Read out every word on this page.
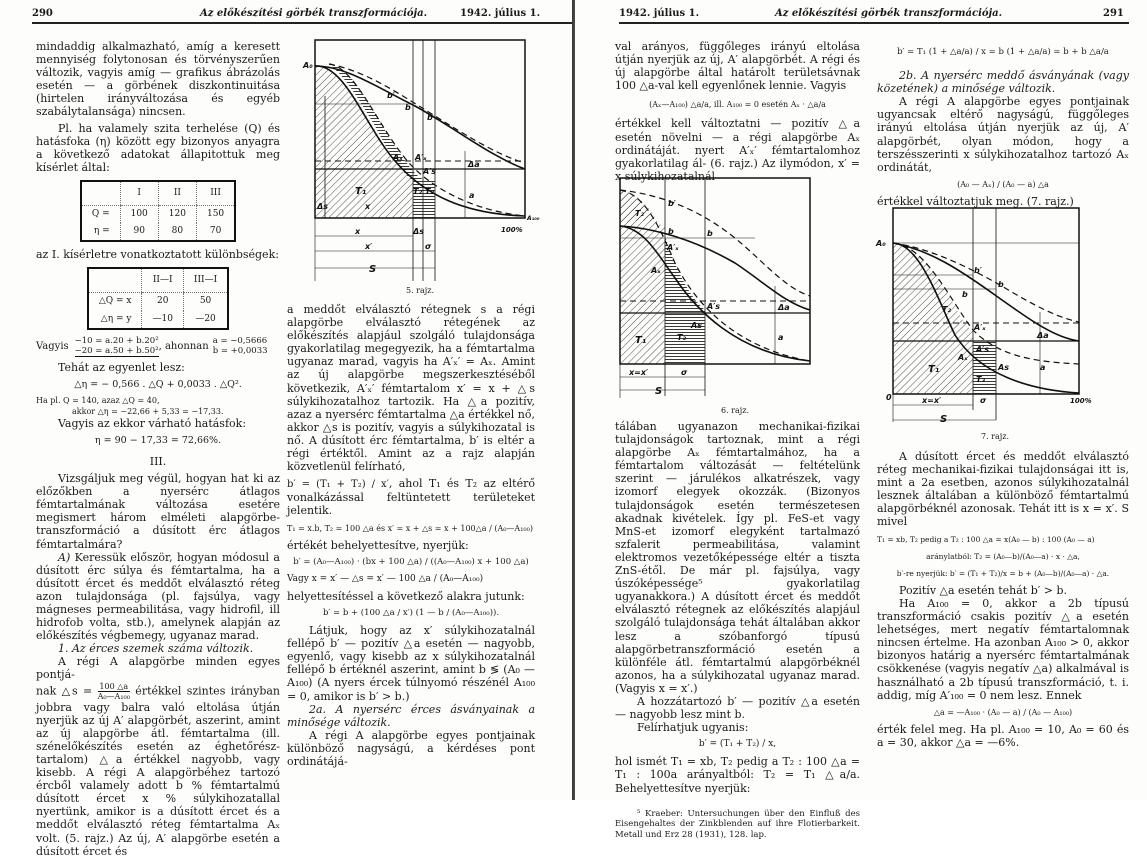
290	Az előkészítési görbék transzformációja.	1942. július 1.

mindaddig alkalmazható, amíg a keresett mennyiség folytonosan és törvényszerűen változik, vagyis amíg — grafikus ábrázolás esetén — a görbének diszkontinuitása (hirtelen irányváltozása és egyéb szabálytalansága) nincsen.

Pl. ha valamely szita terhelése (Q) és hatásfoka (η) között egy bizonyos anyagra a következő adatokat állapitottuk meg kísérlet által:

	I	II	III
Q =	100	120	150
η =	90	80	70

az I. kísérletre vonatkoztatott különbségek:

	II—I	III—I
△Q = x	20	50
△η = y	—10	—20
Vagyis −10 = a.20 + b.20²
−20 = a.50 + b.50² , ahonnan a = −0,5666
b = +0,0033

Tehát az egyenlet lesz:

△η = − 0,566 . △Q + 0,0033 . △Q².
Ha pl. Q = 140, azaz △Q = 40,
akkor △η = −22,66 + 5,33 = −17,33.

Vagyis az ekkor várható hatásfok:

η = 90 − 17,33 = 72,66%.
III.

Vizsgáljuk meg végül, hogyan hat ki az előzőkben a nyersérc átlagos fémtartalmának változása esetére megismert három elméleti alapgörbe-transzformáció a dúsított érc átlagos fémtartalmára?

A) Keressük először, hogyan módosul a dúsított érc súlya és fémtartalma, ha a dúsított ércet és meddőt elválasztó réteg azon tulajdonsága (pl. fajsúlya, vagy mágneses permeabilitása, vagy hidrofil, ill hidrofob volta, stb.), amelynek alapján az előkészítés végbemegy, ugyanaz marad.

1. Az érces szemek száma változik.

A régi A alapgörbe minden egyes pontjá-

nak △s = $\frac{100 \triangle a}{\text{A₀—A₁₀₀}}$ értékkel szintes irányban jobbra vagy balra való eltolása útján nyerjük az új A′ alapgörbét, aszerint, amint az új alapgörbe átl. fémtartalma (ill. szénelőkészítés esetén az éghetőrész-tartalom) △a értékkel nagyobb, vagy kisebb. A régi A alapgörbéhez tartozó ércből valamely adott b % fémtartalmú dúsított ércet x % súlykihozatallal nyertünk, amikor is a dúsított ércet és a meddőt elválasztó réteg fémtartalma Aₓ volt. (5. rajz.) Az új, A′ alapgörbe esetén a dúsított ércet és

A₀
b′
b
b
Aₓ A′ₓ
A′s
Δa
a
T₁	T₂ T₂
Δs	x
A₁₀₀
100%
x	Δs
x′	σ
S
5. rajz.

a meddőt elválasztó rétegnek s a régi alapgörbe elválasztó rétegének az előkészítés alapjául szolgáló tulajdonsága gyakorlatilag megegyezik, ha a fémtartalma ugyanaz marad, vagyis ha A′ₓ′ = Aₓ. Amint az új alapgörbe megszerkesztéséből következik, A′ₓ′ fémtartalom x′ = x + △s súlykihozatalhoz tartozik. Ha △a pozitív, azaz a nyersérc fémtartalma △a értékkel nő, akkor △s is pozitív, vagyis a súlykihozatal is nő. A dúsított érc fémtartalma, b′ is eltér a régi értéktől. Amint az a rajz alapján közvetlenül felírható,

b′ = (T₁ + T₂) / x′, ahol T₁ és T₂ az eltérő vonalkázással feltüntetett területeket jelentik.

T₁ = x.b, T₂ = 100 △a és x′ = x + △s = x + 100△a / (A₀—A₁₀₀)

értékét behelyettesítve, nyerjük:

b′ = (A₀—A₁₀₀) · (bx + 100 △a) / ((A₀—A₁₀₀) x + 100 △a)
Vagy x = x′ — △s = x′ — 100 △a / (A₀—A₁₀₀)

helyettesítéssel a következő alakra jutunk:

b′ = b + (100 △a / x′) (1 — b / (A₀—A₁₀₀)).

Látjuk, hogy az x′ súlykihozatalnál fellépő b′ — pozitív △a esetén — nagyobb, egyenlő, vagy kisebb az x súlykihozatalnál fellépő b értéknél aszerint, amint b ≶ (A₀ — A₁₀₀) (A nyers ércek túlnyomó részénél A₁₀₀ = 0, amikor is b′ > b.)

2a. A nyersérc érces ásványainak a minősége változik.

A régi A alapgörbe egyes pontjainak különböző nagyságú, a kérdéses pont ordinátájá-

1942. július 1.	Az előkészítési görbék transzformációja.	291

val arányos, függőleges irányú eltolása útján nyerjük az új, A′ alapgörbét. A régi és új alapgörbe által határolt területsávnak 100 △a-val kell egyenlőnek lennie. Vagyis

(Aₓ—A₁₀₀) △a/a, ill. A₁₀₀ = 0 esetén Aₓ · △a/a

értékkel kell változtatni — pozitív △a esetén növelni — a régi alapgörbe Aₓ ordinátáját. nyert A′ₓ′ fémtartalomhoz gyakorlatilag ál- (6. rajz.) Az ilymódon, x′ = x súlykihozatalnál

b′
b	b
T₂
A′ₓ
Aₓ
A′s
As
Δa
a
T₁	T₃
x=x′	σ
S
6. rajz.

tálában ugyanazon mechanikai-fizikai tulajdonságok tartoznak, mint a régi alapgörbe Aₓ fémtartalmához, ha a fémtartalom változását — feltételünk szerint — járulékos alkatrészek, vagy izomorf elegyek okozzák. (Bizonyos tulajdonságok esetén természetesen akadnak kivételek. Így pl. FeS-et vagy MnS-et izomorf elegyként tartalmazó szfalerit permeabilitása, valamint elektromos vezetőképessége eltér a tiszta ZnS-étől. De már pl. fajsúlya, vagy úszóképessége⁵ gyakorlatilag ugyanakkora.) A dúsított ércet és meddőt elválasztó rétegnek az előkészítés alapjául szolgáló tulajdonsága tehát általában akkor lesz a szóbanforgó típusú alapgörbetranszformáció esetén a különféle átl. fémtartalmú alapgörbéknél azonos, ha a súlykihozatal ugyanaz marad. (Vagyis x = x′.)

A hozzátartozó b′ — pozitív △a esetén — nagyobb lesz mint b.

Felírhatjuk ugyanis:

b′ = (T₁ + T₂) / x,

hol ismét T₁ = xb, T₂ pedig a T₂ : 100 △a = T₁ : 100a arányaltból: T₂ = T₁ △a/a. Behelyettesítve nyerjük:

⁵ Kraeber: Untersuchungen über den Einfluß des Eisengehaltes der Zinkblenden auf ihre Flotierbarkeit. Metall und Erz 28 (1931), 128. lap.

b′ = T₁ (1 + △a/a) / x = b (1 + △a/a) = b + b △a/a

2b. A nyersérc meddő ásványának (vagy közetének) a minősége változik.

A régi A alapgörbe egyes pontjainak ugyancsak eltérő nagyságú, függőleges irányú eltolása útján nyerjük az új, A′ alapgörbét, olyan módon, hogy a terszésszerinti x súlykihozatalhoz tartozó Aₓ ordinátát,

(A₀ — Aₓ) / (A₀ — a) △a

értékkel változtatjuk meg. (7. rajz.)

A₀
b′
b
b
T₂
A′ₓ
A′s
Aₓ
As
Δa
a
T₁
T₃
0	100%
x=x′	σ
S
7. rajz.

A dúsított ércet és meddőt elválasztó réteg mechanikai-fizikai tulajdonságai itt is, mint a 2a esetben, azonos súlykihozatalnál lesznek általában a különböző fémtartalmú alapgörbéknél azonosak. Tehát itt is x = x′. S mivel

T₁ = xb, T₂ pedig a T₂ : 100 △a = x(A₀ — b) : 100 (A₀ — a)
aránylatból: T₂ = (A₀—b)/(A₀—a) · x · △a,
b′-re nyerjük: b′ = (T₁ + T₂)/x = b + (A₀—b)/(A₀—a) · △a.

Pozitív △a esetén tehát b′ > b.

Ha A₁₀₀ = 0, akkor a 2b típusú transzformáció csakis pozitív △a esetén lehetséges, mert negatív fémtartalomnak nincsen értelme. Ha azonban A₁₀₀ > 0, akkor bizonyos határig a nyersérc fémtartalmának csökkenése (vagyis negatív △a) alkalmával is használható a 2b típusú transzformáció, t. i. addig, míg A′₁₀₀ = 0 nem lesz. Ennek

△a = —A₁₀₀ · (A₀ — a) / (A₀ — A₁₀₀)

érték felel meg. Ha pl. A₁₀₀ = 10, A₀ = 60 és a = 30, akkor △a = —6%.
